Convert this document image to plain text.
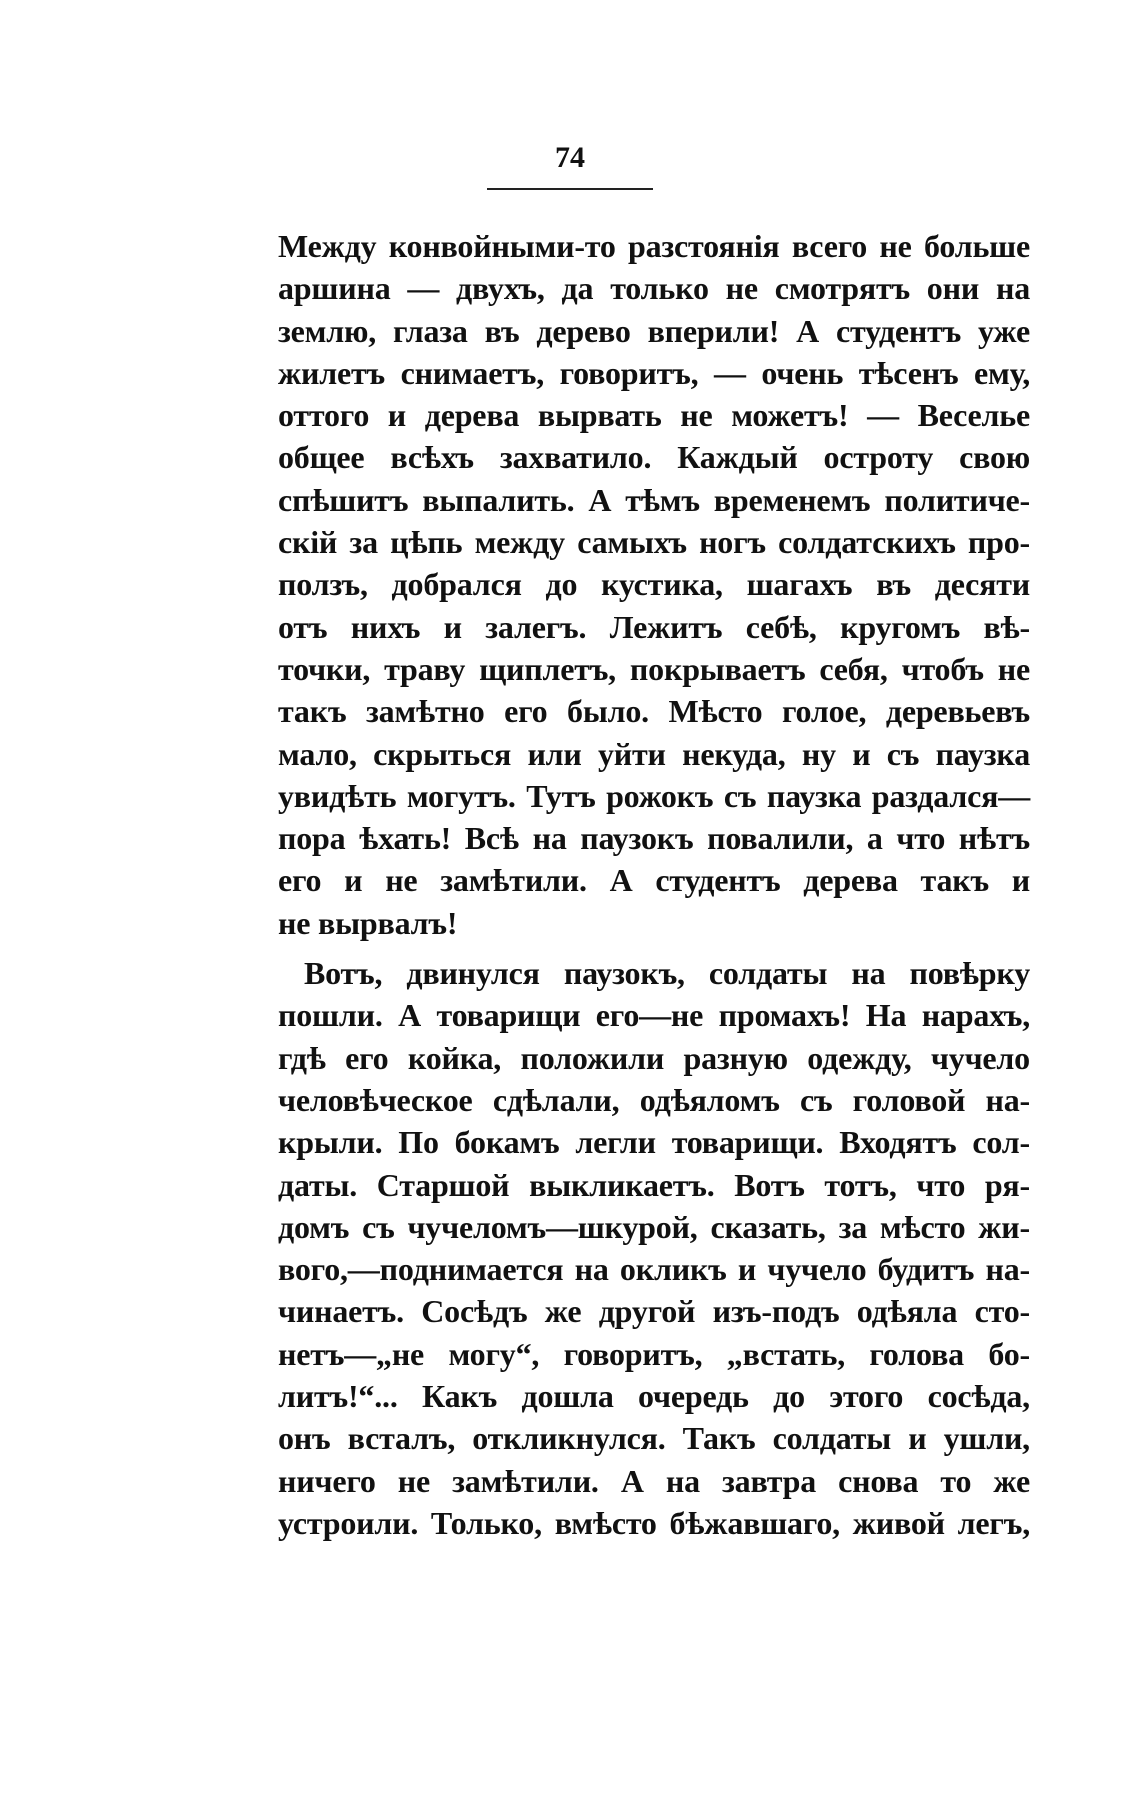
74
Между конвойными-то разстоянія всего не больше
аршина — двухъ, да только не смотрятъ они на
землю, глаза въ дерево вперили! А студентъ уже
жилетъ снимаетъ, говоритъ, — очень тѣсенъ ему,
оттого и дерева вырвать не можетъ! — Веселье
общее всѣхъ захватило. Каждый остроту свою
спѣшитъ выпалить. А тѣмъ временемъ политиче-
скій за цѣпь между самыхъ ногъ солдатскихъ про-
ползъ, добрался до кустика, шагахъ въ десяти
отъ нихъ и залегъ. Лежитъ себѣ, кругомъ вѣ-
точки, траву щиплетъ, покрываетъ себя, чтобъ не
такъ замѣтно его было. Мѣсто голое, деревьевъ
мало, скрыться или уйти некуда, ну и съ паузка
увидѣть могутъ. Тутъ рожокъ съ паузка раздался—
пора ѣхать! Всѣ на паузокъ повалили, а что нѣтъ
его и не замѣтили. А студентъ дерева такъ и
не вырвалъ!
Вотъ, двинулся паузокъ, солдаты на повѣрку
пошли. А товарищи его—не промахъ! На нарахъ,
гдѣ его койка, положили разную одежду, чучело
человѣческое сдѣлали, одѣяломъ съ головой на-
крыли. По бокамъ легли товарищи. Входятъ сол-
даты. Старшой выкликаетъ. Вотъ тотъ, что ря-
домъ съ чучеломъ—шкурой, сказать, за мѣсто жи-
вого,—поднимается на окликъ и чучело будитъ на-
чинаетъ. Сосѣдъ же другой изъ-подъ одѣяла сто-
нетъ—„не могу“, говоритъ, „встать, голова бо-
литъ!“... Какъ дошла очередь до этого сосѣда,
онъ всталъ, откликнулся. Такъ солдаты и ушли,
ничего не замѣтили. А на завтра снова то же
устроили. Только, вмѣсто бѣжавшаго, живой легъ,
